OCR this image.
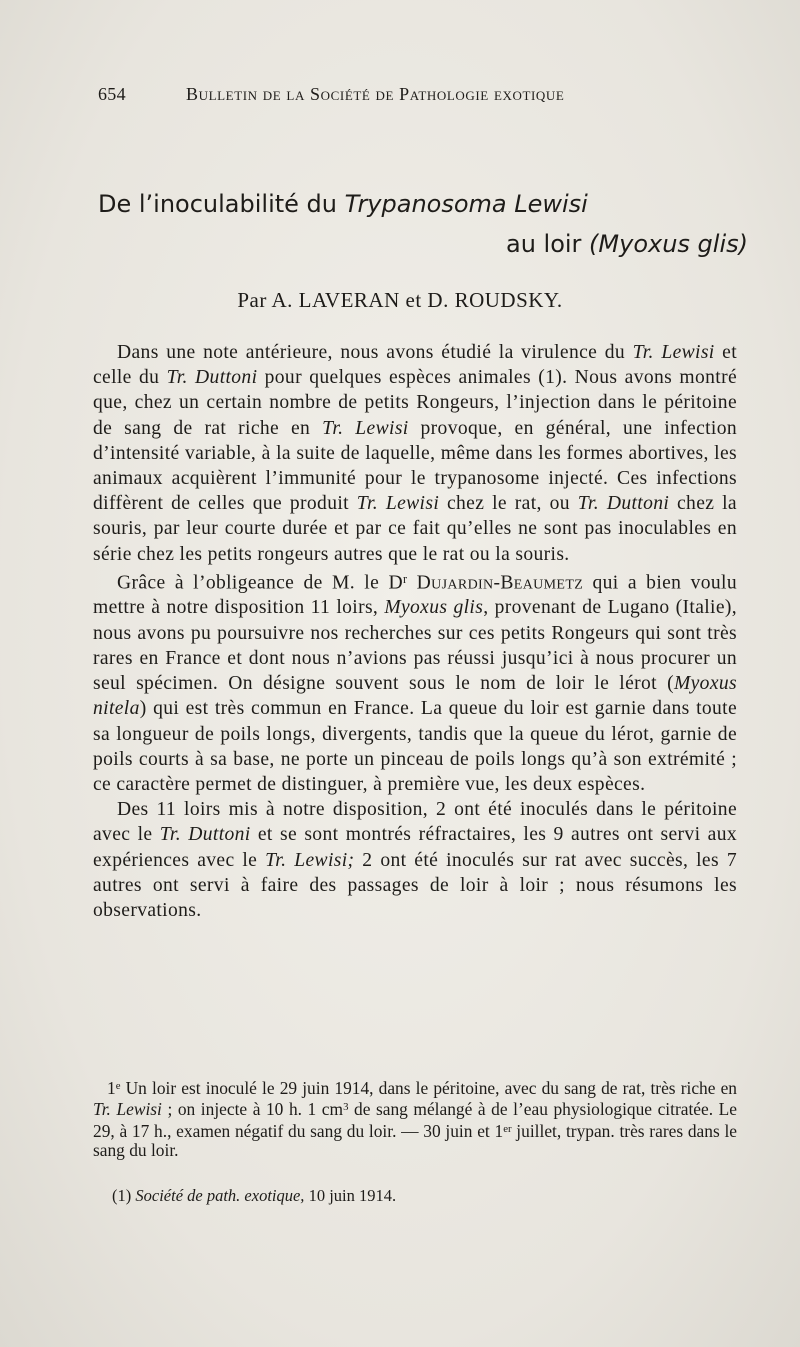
654	Bulletin de la Société de Pathologie exotique
De l’inoculabilité du Trypanosoma Lewisi
au loir (Myoxus glis)
Par A. LAVERAN et D. ROUDSKY.

Dans une note antérieure, nous avons étudié la virulence du Tr. Lewisi et celle du Tr. Duttoni pour quelques espèces animales (1). Nous avons montré que, chez un certain nombre de petits Rongeurs, l’injection dans le péritoine de sang de rat riche en Tr. Lewisi provoque, en général, une infection d’intensité variable, à la suite de laquelle, même dans les formes abortives, les animaux acquièrent l’immunité pour le trypanosome injecté. Ces infections diffèrent de celles que produit Tr. Lewisi chez le rat, ou Tr. Duttoni chez la souris, par leur courte durée et par ce fait qu’elles ne sont pas inoculables en série chez les petits rongeurs autres que le rat ou la souris.

Grâce à l’obligeance de M. le $D^r$ Dujardin-Beaumetz qui a bien voulu mettre à notre disposition 11 loirs, Myoxus glis, provenant de Lugano (Italie), nous avons pu poursuivre nos recherches sur ces petits Rongeurs qui sont très rares en France et dont nous n’avions pas réussi jusqu’ici à nous procurer un seul spécimen. On désigne souvent sous le nom de loir le lérot (Myoxus nitela) qui est très commun en France. La queue du loir est garnie dans toute sa longueur de poils longs, divergents, tandis que la queue du lérot, garnie de poils courts à sa base, ne porte un pinceau de poils longs qu’à son extrémité ; ce caractère permet de distinguer, à première vue, les deux espèces.

Des 11 loirs mis à notre disposition, 2 ont été inoculés dans le péritoine avec le Tr. Duttoni et se sont montrés réfractaires, les 9 autres ont servi aux expériences avec le Tr. Lewisi; 2 ont été inoculés sur rat avec succès, les 7 autres ont servi à faire des passages de loir à loir ; nous résumons les observations.

1e Un loir est inoculé le 29 juin 1914, dans le péritoine, avec du sang de rat, très riche en Tr. Lewisi ; on injecte à 10 h. 1 $cm^3$ de sang mélangé à de l’eau physiologique citratée. Le 29, à 17 h., examen négatif du sang du loir. — 30 juin et 1er juillet, trypan. très rares dans le sang du loir.

(1) Société de path. exotique, 10 juin 1914.
